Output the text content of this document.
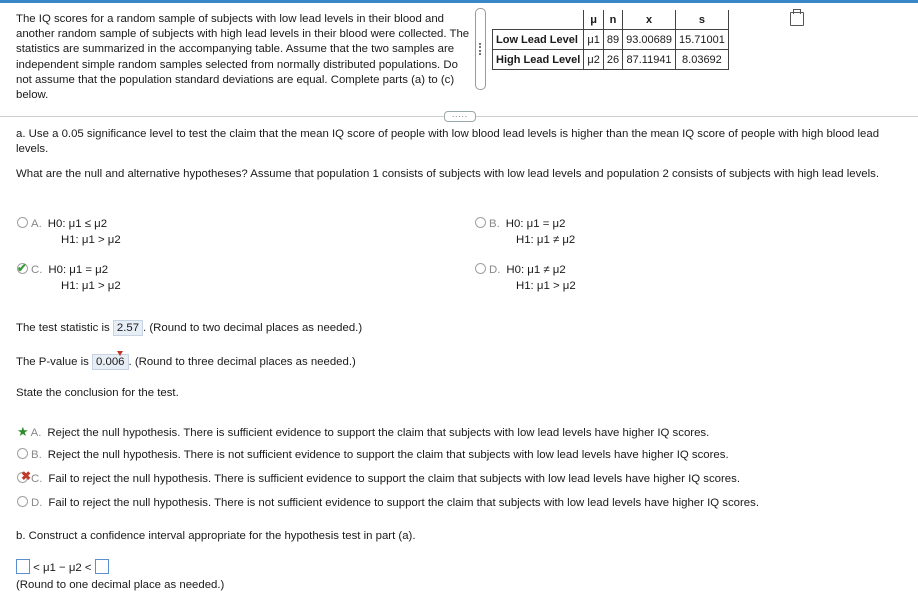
The IQ scores for a random sample of subjects with low lead levels in their blood and another random sample of subjects with high lead levels in their blood were collected. The statistics are summarized in the accompanying table. Assume that the two samples are independent simple random samples selected from normally distributed populations. Do not assume that the population standard deviations are equal. Complete parts (a) to (c) below.
	μ	n	x	s
Low Lead Level	μ1	89	93.00689	15.71001
High Lead Level	μ2	26	87.11941	8.03692
.....
a. Use a 0.05 significance level to test the claim that the mean IQ score of people with low blood lead levels is higher than the mean IQ score of people with high blood lead levels.
What are the null and alternative hypotheses? Assume that population 1 consists of subjects with low lead levels and population 2 consists of subjects with high lead levels.
A. H0: μ1 ≤ μ2
H1: μ1 > μ2
B. H0: μ1 = μ2
H1: μ1 ≠ μ2
✔ C. H0: μ1 = μ2
H1: μ1 > μ2
D. H0: μ1 ≠ μ2
H1: μ1 > μ2
The test statistic is 2.57 . (Round to two decimal places as needed.)
The P-value is 0.006 . (Round to three decimal places as needed.)
State the conclusion for the test.
★ A. Reject the null hypothesis. There is sufficient evidence to support the claim that subjects with low lead levels have higher IQ scores.
B. Reject the null hypothesis. There is not sufficient evidence to support the claim that subjects with low lead levels have higher IQ scores.
✖ C. Fail to reject the null hypothesis. There is sufficient evidence to support the claim that subjects with low lead levels have higher IQ scores.
D. Fail to reject the null hypothesis. There is not sufficient evidence to support the claim that subjects with low lead levels have higher IQ scores.
b. Construct a confidence interval appropriate for the hypothesis test in part (a).
< μ1 − μ2 <
(Round to one decimal place as needed.)
